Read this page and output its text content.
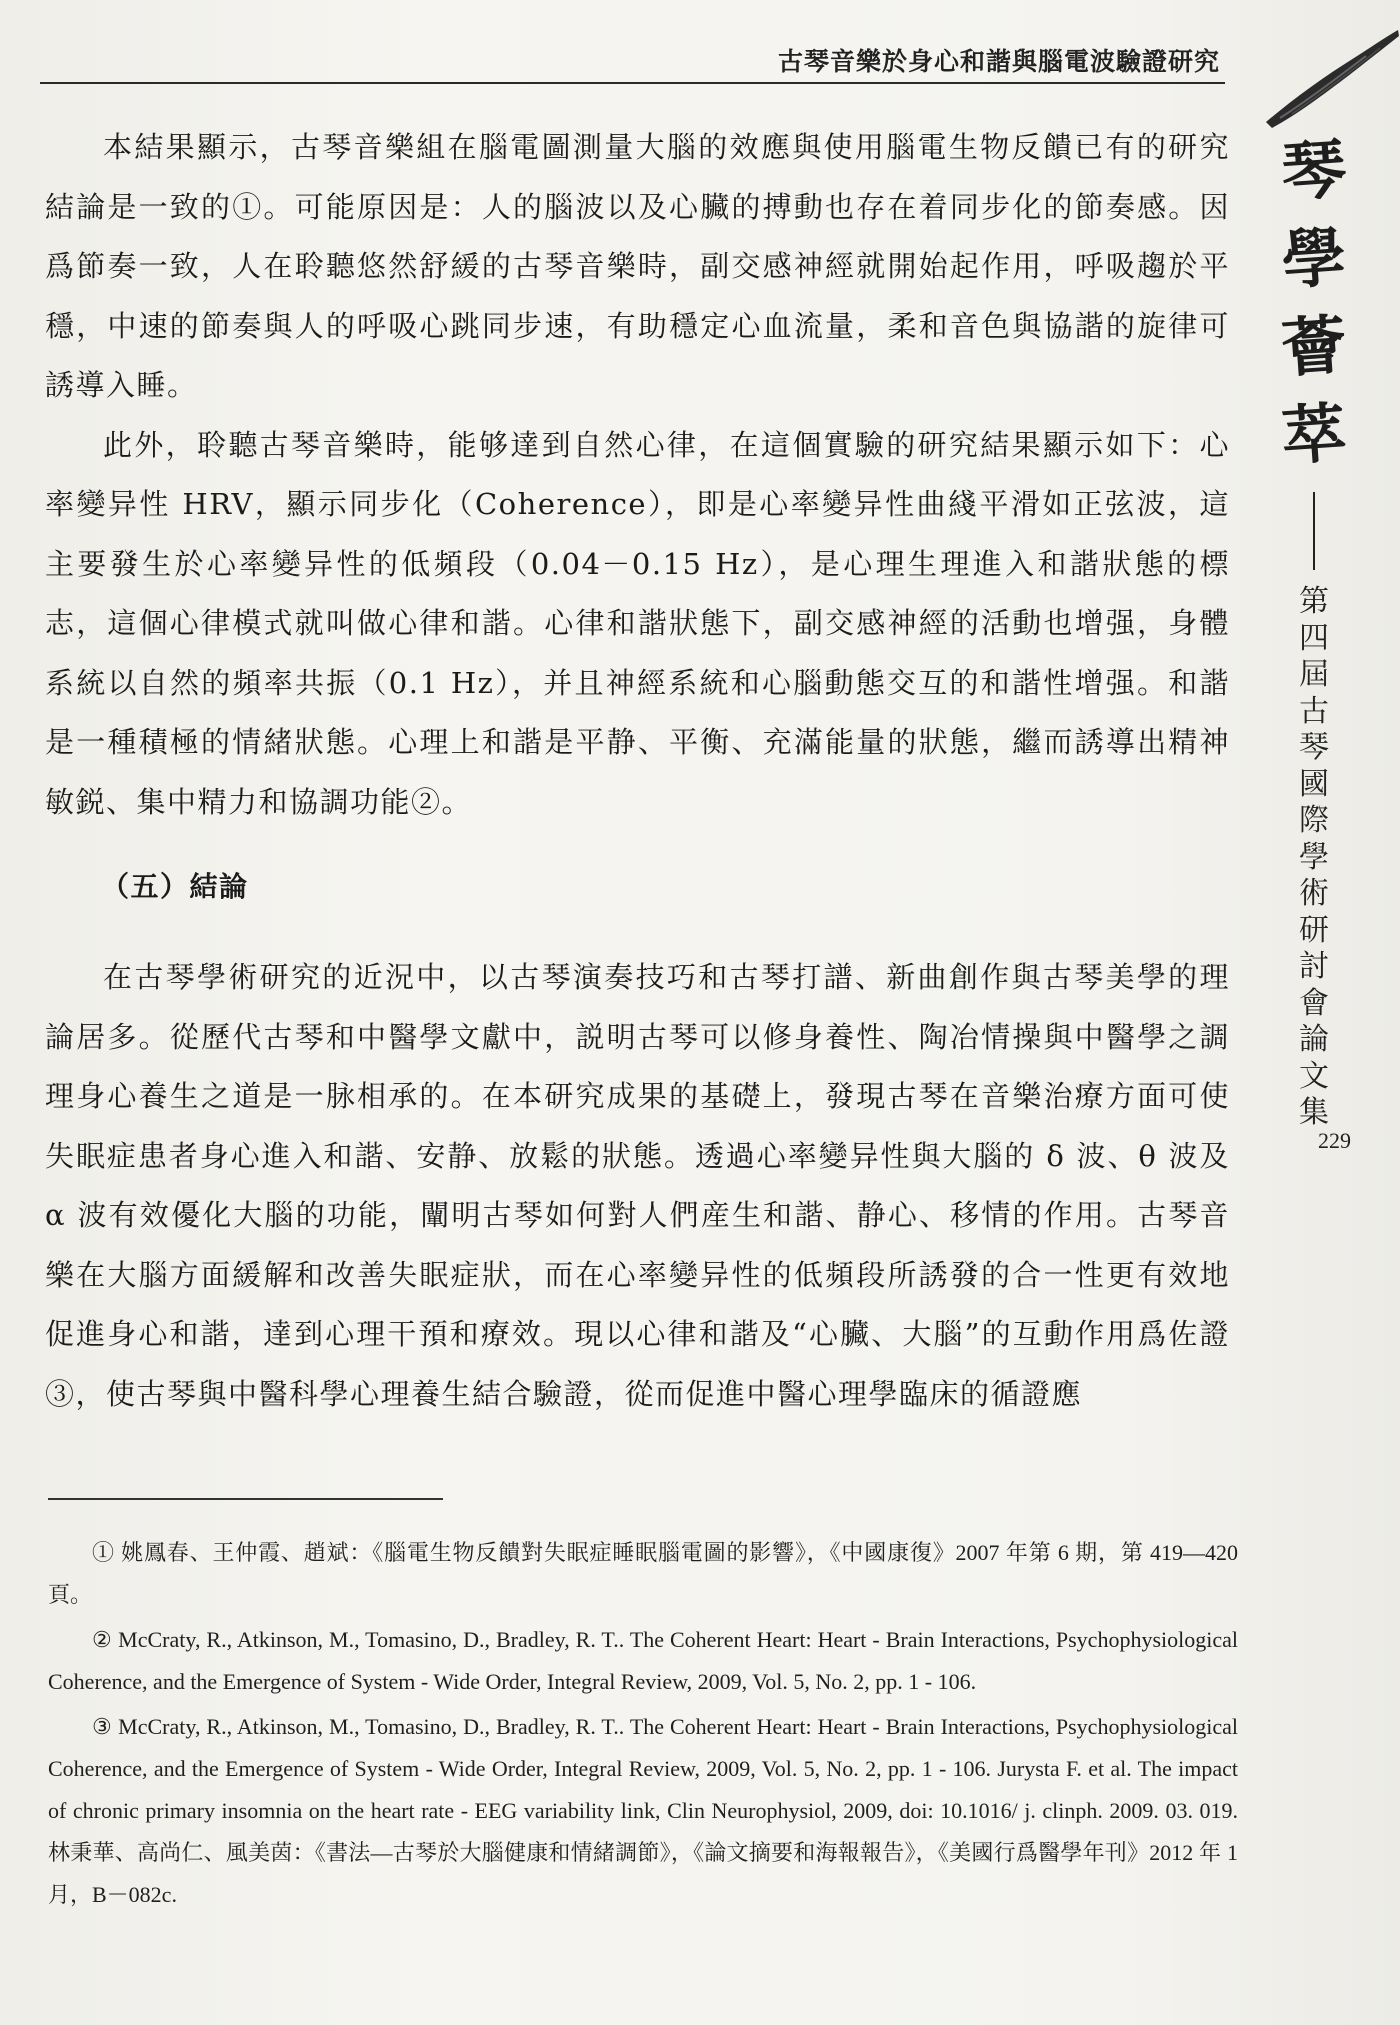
古琴音樂於身心和諧與腦電波驗證研究
琴
學
薈
萃
第
四
屆
古
琴
國
際
學
術
研
討
會
論
文
集
229

本結果顯示，古琴音樂組在腦電圖測量大腦的效應與使用腦電生物反饋已有的研究結論是一致的①。可能原因是：人的腦波以及心臟的搏動也存在着同步化的節奏感。因爲節奏一致，人在聆聽悠然舒緩的古琴音樂時，副交感神經就開始起作用，呼吸趨於平穩，中速的節奏與人的呼吸心跳同步速，有助穩定心血流量，柔和音色與協諧的旋律可誘導入睡。

此外，聆聽古琴音樂時，能够達到自然心律，在這個實驗的研究結果顯示如下：心率變异性 HRV，顯示同步化（Coherence），即是心率變异性曲綫平滑如正弦波，這主要發生於心率變异性的低頻段（0.04－0.15 Hz），是心理生理進入和諧狀態的標志，這個心律模式就叫做心律和諧。心律和諧狀態下，副交感神經的活動也增强，身體系統以自然的頻率共振（0.1 Hz），并且神經系統和心腦動態交互的和諧性增强。和諧是一種積極的情緒狀態。心理上和諧是平静、平衡、充滿能量的狀態，繼而誘導出精神敏鋭、集中精力和協調功能②。

（五）結論

在古琴學術研究的近況中，以古琴演奏技巧和古琴打譜、新曲創作與古琴美學的理論居多。從歷代古琴和中醫學文獻中，説明古琴可以修身養性、陶冶情操與中醫學之調理身心養生之道是一脉相承的。在本研究成果的基礎上，發現古琴在音樂治療方面可使失眠症患者身心進入和諧、安静、放鬆的狀態。透過心率變异性與大腦的 δ 波、θ 波及 α 波有效優化大腦的功能，闡明古琴如何對人們産生和諧、静心、移情的作用。古琴音樂在大腦方面緩解和改善失眠症狀，而在心率變异性的低頻段所誘發的合一性更有效地促進身心和諧，達到心理干預和療效。現以心律和諧及“心臟、大腦”的互動作用爲佐證③，使古琴與中醫科學心理養生結合驗證，從而促進中醫心理學臨床的循證應

① 姚鳳春、王仲霞、趙斌：《腦電生物反饋對失眠症睡眠腦電圖的影響》，《中國康復》2007 年第 6 期，第 419—420 頁。

② McCraty, R., Atkinson, M., Tomasino, D., Bradley, R. T.. The Coherent Heart: Heart - Brain Interactions, Psychophysiological Coherence, and the Emergence of System - Wide Order, Integral Review, 2009, Vol. 5, No. 2, pp. 1 - 106.

③ McCraty, R., Atkinson, M., Tomasino, D., Bradley, R. T.. The Coherent Heart: Heart - Brain Interactions, Psychophysiological Coherence, and the Emergence of System - Wide Order, Integral Review, 2009, Vol. 5, No. 2, pp. 1 - 106. Jurysta F. et al. The impact of chronic primary insomnia on the heart rate - EEG variability link, Clin Neurophysiol, 2009, doi: 10.1016/ j. clinph. 2009. 03. 019. 林秉華、高尚仁、風美茵：《書法—古琴於大腦健康和情緒調節》，《論文摘要和海報報告》，《美國行爲醫學年刊》2012 年 1 月，B－082c.
